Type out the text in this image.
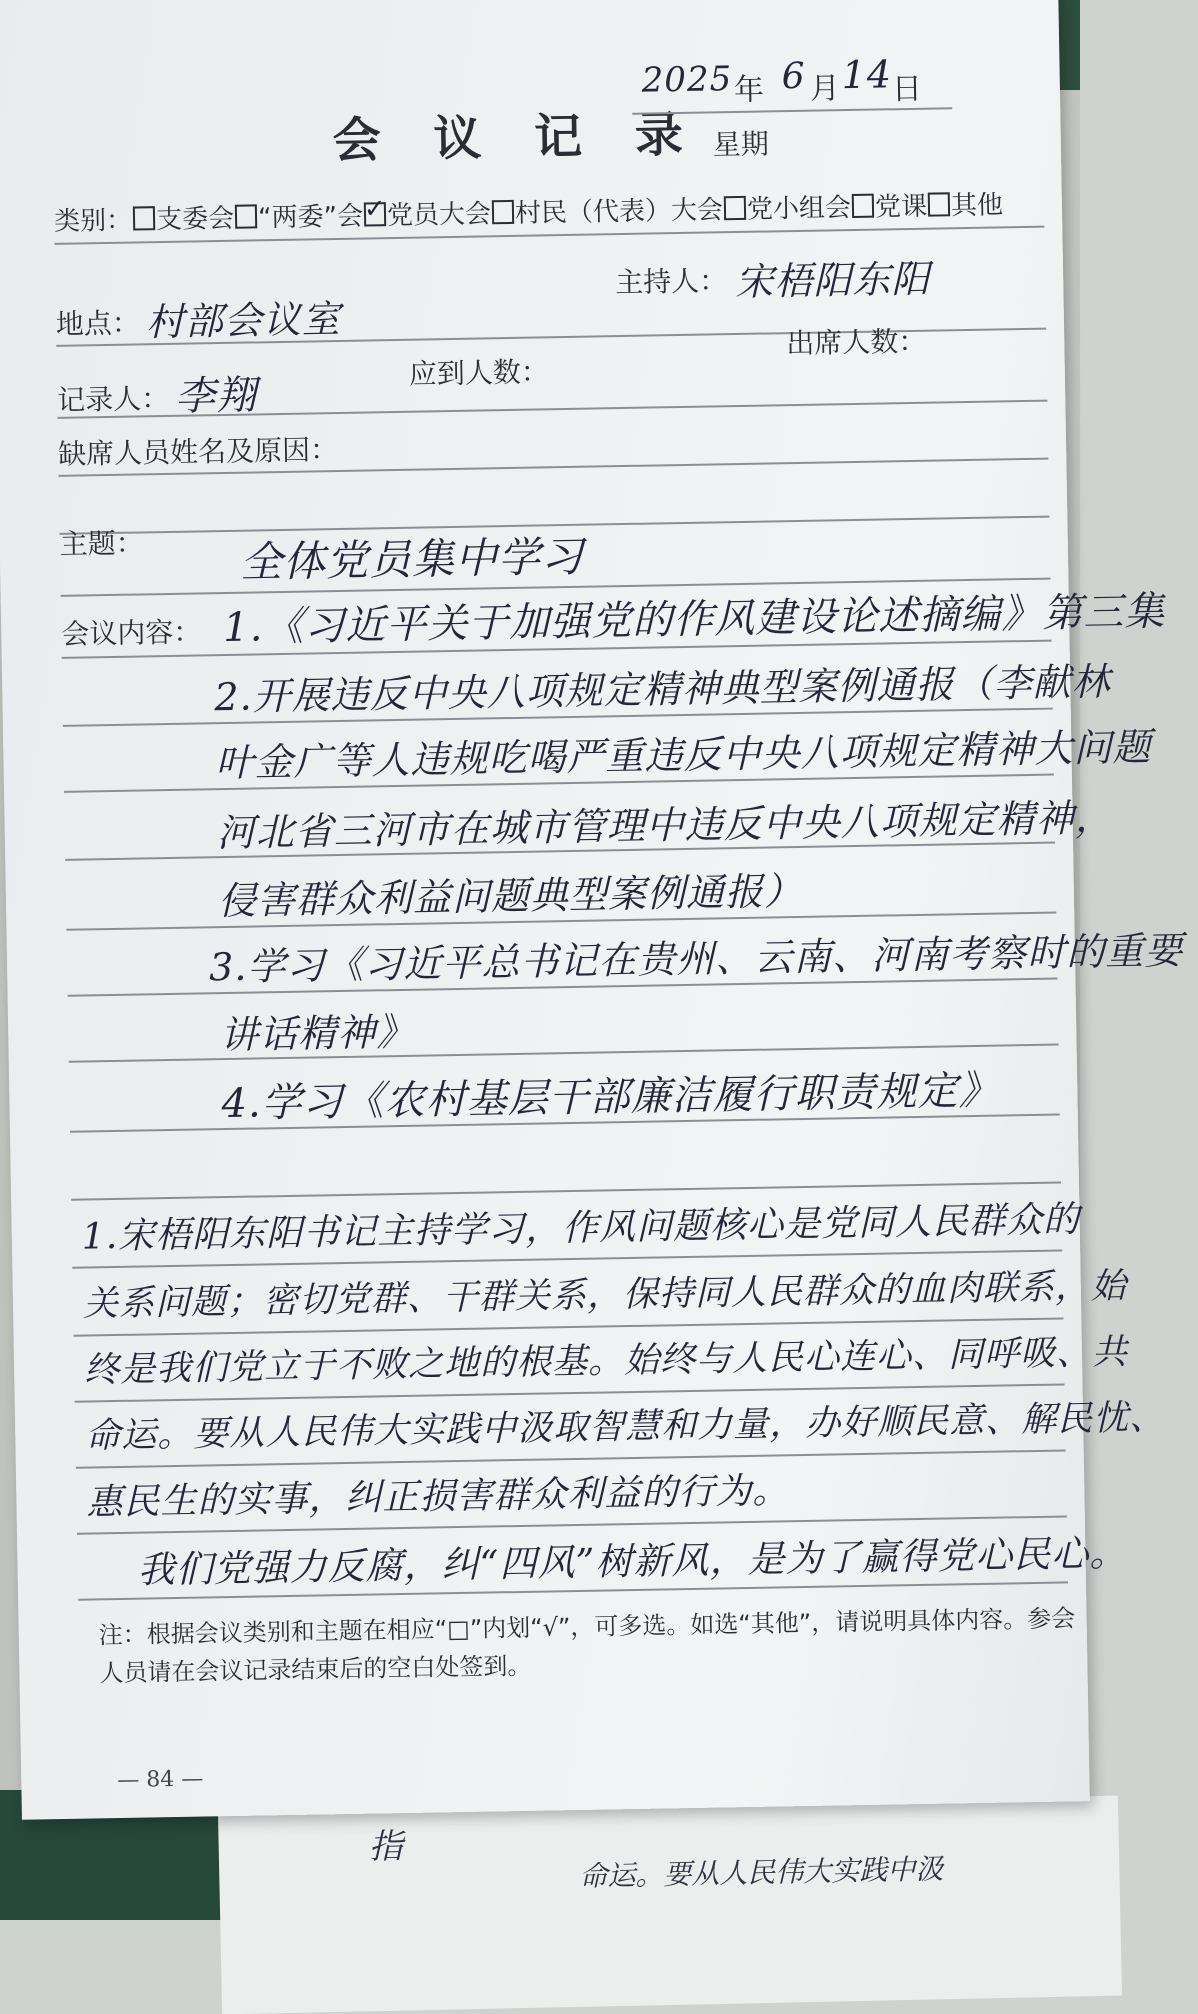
指
命运。要从人民伟大实践中汲
会 议 记 录
2025 年 6 月 14 日
星期
类别： 支委会 “两委”会✓ 党员大会 村民（代表）大会 党小组会 党课 其他
主持人： 宋梧阳东阳
地点： 村部会议室	出席人数：
记录人： 李翔	应到人数：
缺席人员姓名及原因：
主题： 全体党员集中学习
会议内容： 1.《习近平关于加强党的作风建设论述摘编》第三集
2.开展违反中央八项规定精神典型案例通报（李献林
叶金广等人违规吃喝严重违反中央八项规定精神大问题
河北省三河市在城市管理中违反中央八项规定精神，
侵害群众利益问题典型案例通报）
3.学习《习近平总书记在贵州、云南、河南考察时的重要
讲话精神》
4.学习《农村基层干部廉洁履行职责规定》
1.宋梧阳东阳书记主持学习，作风问题核心是党同人民群众的
关系问题；密切党群、干群关系，保持同人民群众的血肉联系，始
终是我们党立于不败之地的根基。始终与人民心连心、同呼吸、共
命运。要从人民伟大实践中汲取智慧和力量，办好顺民意、解民忧、
惠民生的实事，纠正损害群众利益的行为。
我们党强力反腐，纠“四风”树新风，是为了赢得党心民心。
注：根据会议类别和主题在相应“□”内划“√”，可多选。如选“其他”，请说明具体内容。参会人员请在会议记录结束后的空白处签到。
— 84 —
